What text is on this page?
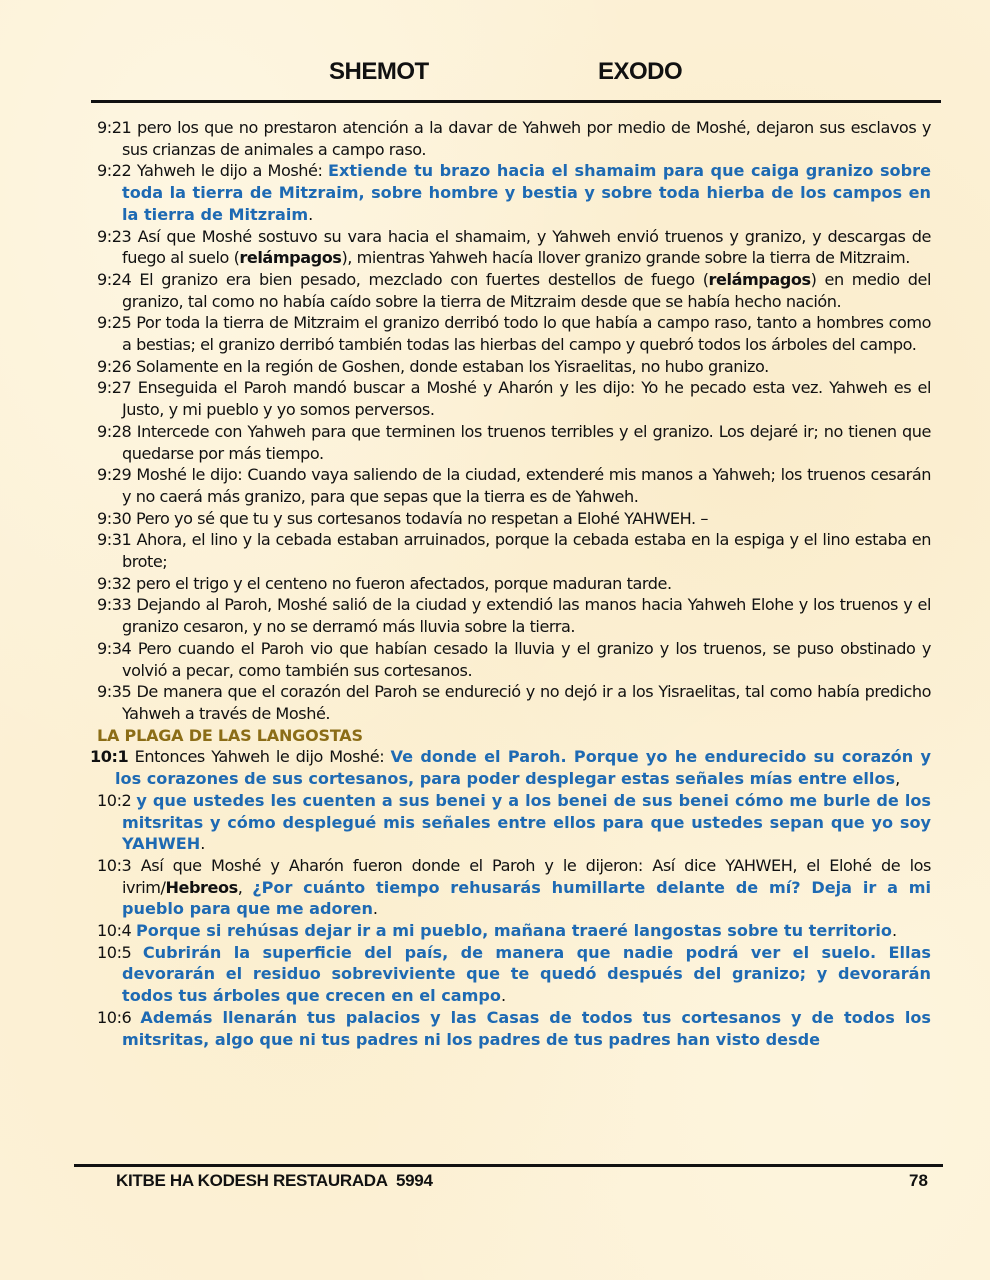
SHEMOT	EXODO

9:21 pero los que no prestaron atención a la davar de Yahweh por medio de Moshé, dejaron sus esclavos y sus crianzas de animales a campo raso.

9:22 Yahweh le dijo a Moshé: Extiende tu brazo hacia el shamaim para que caiga granizo sobre toda la tierra de Mitzraim, sobre hombre y bestia y sobre toda hierba de los campos en la tierra de Mitzraim.

9:23 Así que Moshé sostuvo su vara hacia el shamaim, y Yahweh envió truenos y granizo, y descargas de fuego al suelo (relámpagos), mientras Yahweh hacía llover granizo grande sobre la tierra de Mitzraim.

9:24 El granizo era bien pesado, mezclado con fuertes destellos de fuego (relámpagos) en medio del granizo, tal como no había caído sobre la tierra de Mitzraim desde que se había hecho nación.

9:25 Por toda la tierra de Mitzraim el granizo derribó todo lo que había a campo raso, tanto a hombres como a bestias; el granizo derribó también todas las hierbas del campo y quebró todos los árboles del campo.

9:26 Solamente en la región de Goshen, donde estaban los Yisraelitas, no hubo granizo.

9:27 Enseguida el Paroh mandó buscar a Moshé y Aharón y les dijo: Yo he pecado esta vez. Yahweh es el Justo, y mi pueblo y yo somos perversos.

9:28 Intercede con Yahweh para que terminen los truenos terribles y el granizo. Los dejaré ir; no tienen que quedarse por más tiempo.

9:29 Moshé le dijo: Cuando vaya saliendo de la ciudad, extenderé mis manos a Yahweh; los truenos cesarán y no caerá más granizo, para que sepas que la tierra es de Yahweh.

9:30 Pero yo sé que tu y sus cortesanos todavía no respetan a Elohé YAHWEH. –

9:31 Ahora, el lino y la cebada estaban arruinados, porque la cebada estaba en la espiga y el lino estaba en brote;

9:32 pero el trigo y el centeno no fueron afectados, porque maduran tarde.

9:33 Dejando al Paroh, Moshé salió de la ciudad y extendió las manos hacia Yahweh Elohe y los truenos y el granizo cesaron, y no se derramó más lluvia sobre la tierra.

9:34 Pero cuando el Paroh vio que habían cesado la lluvia y el granizo y los truenos, se puso obstinado y volvió a pecar, como también sus cortesanos.

9:35 De manera que el corazón del Paroh se endureció y no dejó ir a los Yisraelitas, tal como había predicho Yahweh a través de Moshé.

LA PLAGA DE LAS LANGOSTAS

10:1 Entonces Yahweh le dijo Moshé: Ve donde el Paroh. Porque yo he endurecido su corazón y los corazones de sus cortesanos, para poder desplegar estas señales mías entre ellos,

10:2 y que ustedes les cuenten a sus benei y a los benei de sus benei cómo me burle de los mitsritas y cómo desplegué mis señales entre ellos para que ustedes sepan que yo soy YAHWEH.

10:3 Así que Moshé y Aharón fueron donde el Paroh y le dijeron: Así dice YAHWEH, el Elohé de los ivrim/Hebreos, ¿Por cuánto tiempo rehusarás humillarte delante de mí? Deja ir a mi pueblo para que me adoren.

10:4 Porque si rehúsas dejar ir a mi pueblo, mañana traeré langostas sobre tu territorio.

10:5 Cubrirán la superficie del país, de manera que nadie podrá ver el suelo. Ellas devorarán el residuo sobreviviente que te quedó después del granizo; y devorarán todos tus árboles que crecen en el campo.

10:6 Además llenarán tus palacios y las Casas de todos tus cortesanos y de todos los mitsritas, algo que ni tus padres ni los padres de tus padres han visto desde

KITBE HA KODESH RESTAURADA  5994	78
